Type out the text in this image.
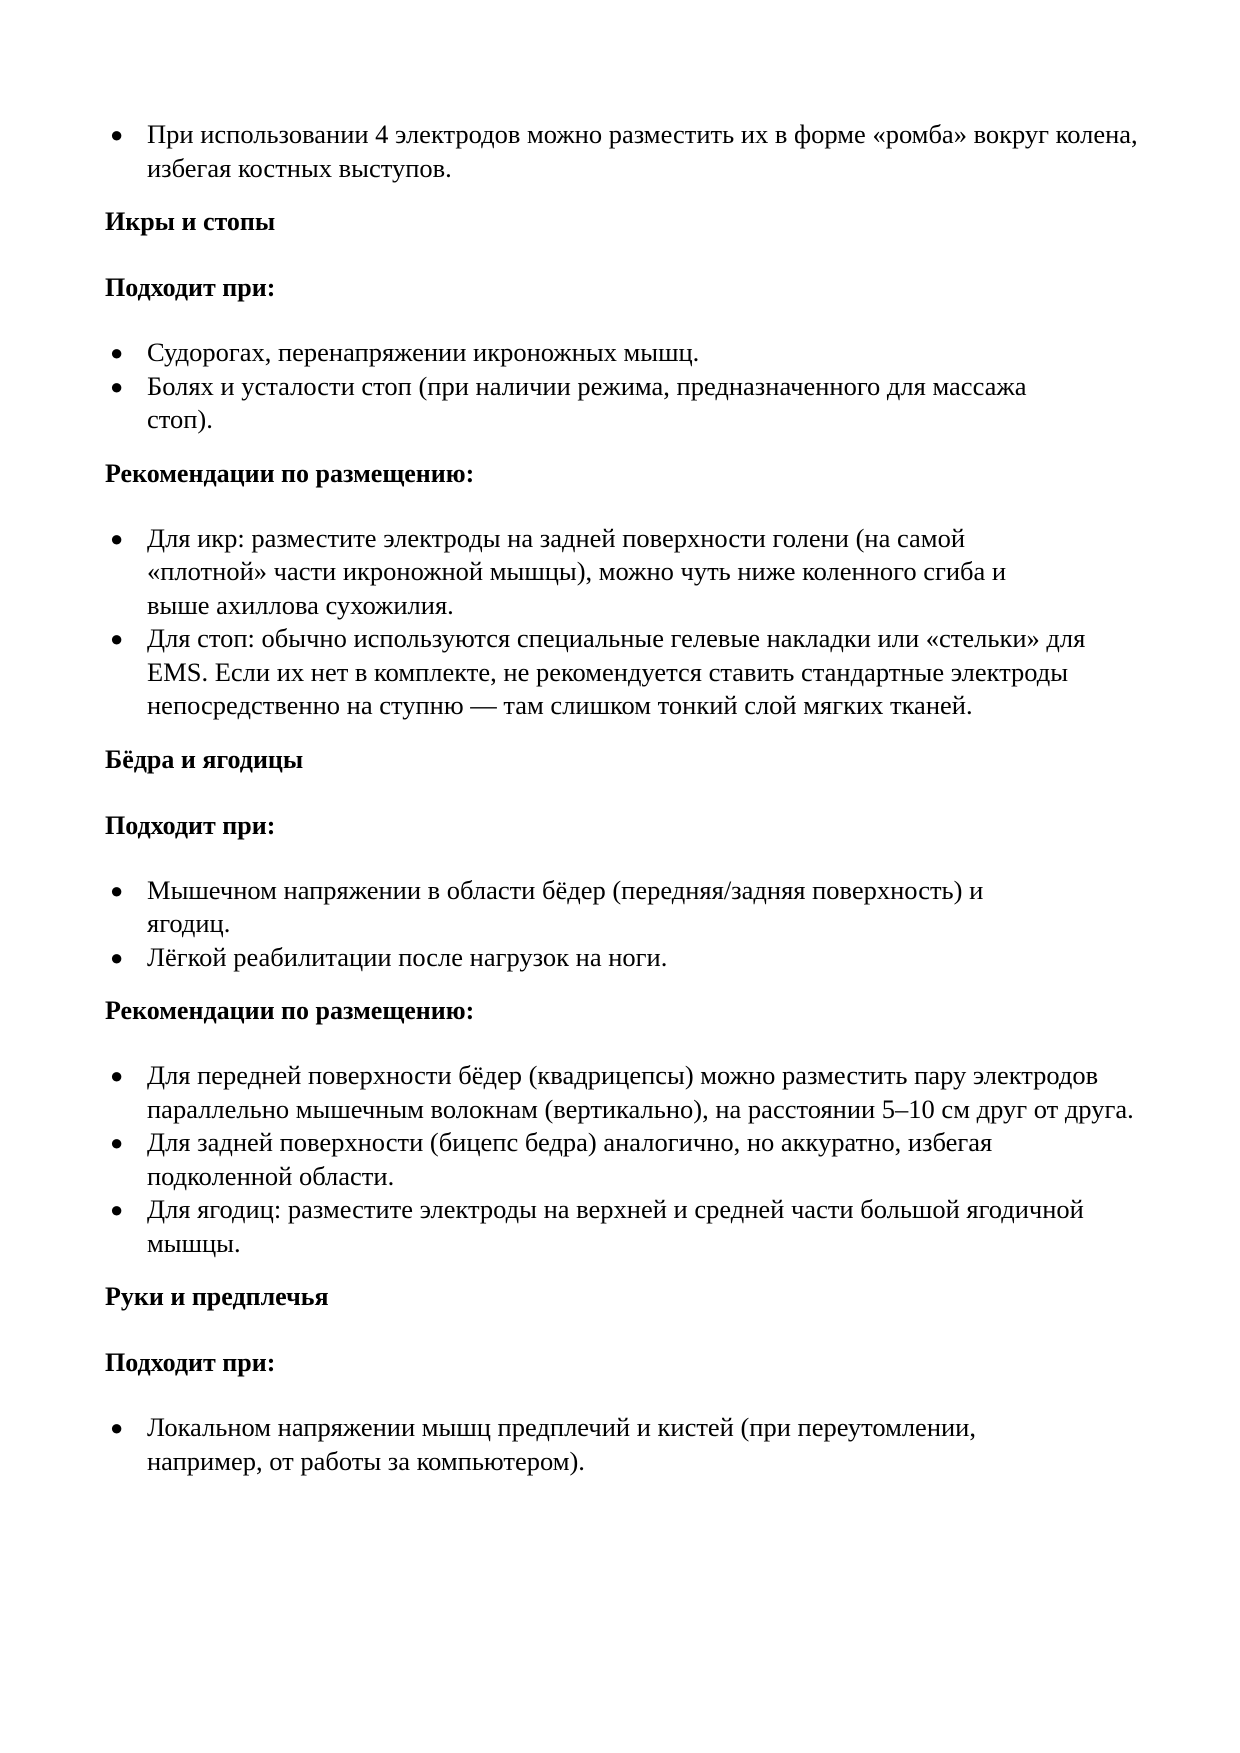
● При использовании 4 электродов можно разместить их в форме «ромба» вокруг колена, избегая костных выступов.

Икры и стопы

Подходит при:

● Судорогах, перенапряжении икроножных мышц.
● Болях и усталости стоп (при наличии режима, предназначенного для массажа стоп).

Рекомендации по размещению:

● Для икр: разместите электроды на задней поверхности голени (на самой «плотной» части икроножной мышцы), можно чуть ниже коленного сгиба и выше ахиллова сухожилия.
● Для стоп: обычно используются специальные гелевые накладки или «стельки» для EMS. Если их нет в комплекте, не рекомендуется ставить стандартные электроды непосредственно на ступню — там слишком тонкий слой мягких тканей.

Бёдра и ягодицы

Подходит при:

● Мышечном напряжении в области бёдер (передняя/задняя поверхность) и ягодиц.
● Лёгкой реабилитации после нагрузок на ноги.

Рекомендации по размещению:

● Для передней поверхности бёдер (квадрицепсы) можно разместить пару электродов параллельно мышечным волокнам (вертикально), на расстоянии 5–10 см друг от друга.
● Для задней поверхности (бицепс бедра) аналогично, но аккуратно, избегая подколенной области.
● Для ягодиц: разместите электроды на верхней и средней части большой ягодичной мышцы.

Руки и предплечья

Подходит при:

● Локальном напряжении мышц предплечий и кистей (при переутомлении, например, от работы за компьютером).
